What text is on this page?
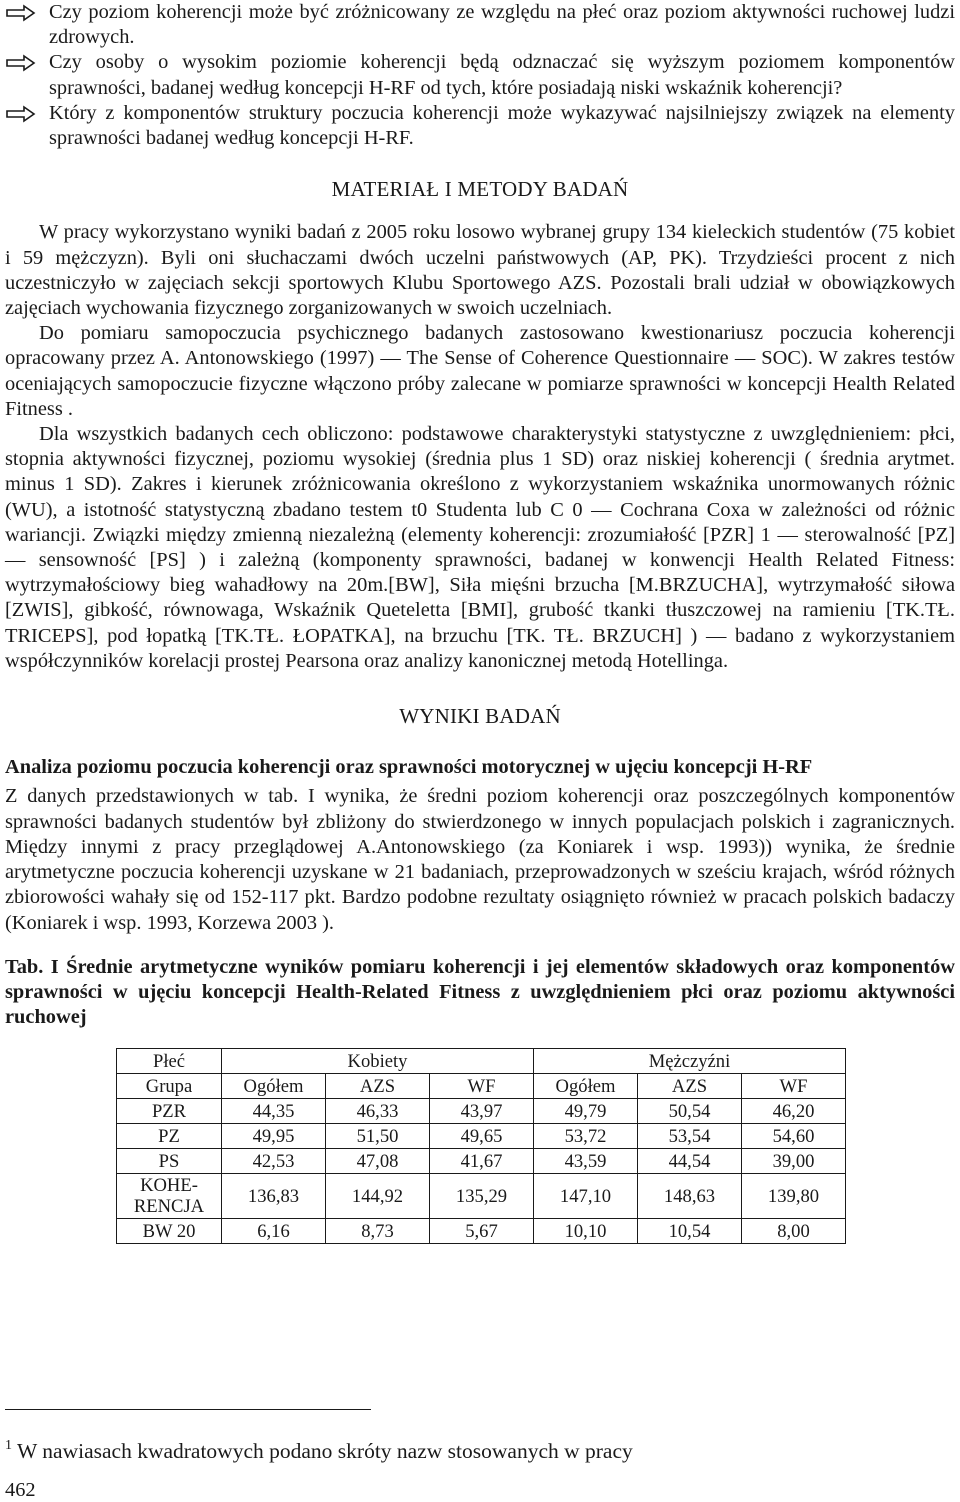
Czy poziom koherencji może być zróżnicowany ze względu na płeć oraz poziom aktywności ruchowej ludzi zdrowych.
Czy osoby o wysokim poziomie koherencji będą odznaczać się wyższym poziomem komponentów sprawności, badanej według koncepcji H-RF od tych, które posiadają niski wskaźnik koherencji?
Który z komponentów struktury poczucia koherencji może wykazywać najsilniejszy związek na elementy sprawności badanej według koncepcji H-RF.
MATERIAŁ I METODY BADAŃ

W pracy wykorzystano wyniki badań z 2005 roku losowo wybranej grupy 134 kieleckich studentów (75 kobiet i 59 mężczyzn). Byli oni słuchaczami dwóch uczelni państwowych (AP, PK). Trzydzieści procent z nich uczestniczyło w zajęciach sekcji sportowych Klubu Sportowego AZS. Pozostali brali udział w obowiązkowych zajęciach wychowania fizycznego zorganizowanych w swoich uczelniach.

Do pomiaru samopoczucia psychicznego badanych zastosowano kwestionariusz poczucia koherencji opracowany przez A. Antonowskiego (1997) — The Sense of Coherence Questionnaire — SOC). W zakres testów oceniających samopoczucie fizyczne włączono próby zalecane w pomiarze sprawności w koncepcji Health Related Fitness .

Dla wszystkich badanych cech obliczono: podstawowe charakterystyki statystyczne z uwzględnieniem: płci, stopnia aktywności fizycznej, poziomu wysokiej (średnia plus 1 SD) oraz niskiej koherencji ( średnia arytmet. minus 1 SD). Zakres i kierunek zróżnicowania określono z wykorzystaniem wskaźnika unormowanych różnic (WU), a istotność statystyczną zbadano testem t0 Studenta lub C 0 — Cochrana Coxa w zależności od różnic wariancji. Związki między zmienną niezależną (elementy koherencji: zrozumiałość [PZR] 1 — sterowalność [PZ] — sensowność [PS] ) i zależną (komponenty sprawności, badanej w konwencji Health Related Fitness: wytrzymałościowy bieg wahadłowy na 20m.[BW], Siła mięśni brzucha [M.BRZUCHA], wytrzymałość siłowa [ZWIS], gibkość, równowaga, Wskaźnik Queteletta [BMI], grubość tkanki tłuszczowej na ramieniu [TK.TŁ. TRICEPS], pod łopatką [TK.TŁ. ŁOPATKA], na brzuchu [TK. TŁ. BRZUCH] ) — badano z wykorzystaniem współczynników korelacji prostej Pearsona oraz analizy kanonicznej metodą Hotellinga.

WYNIKI BADAŃ
Analiza poziomu poczucia koherencji oraz sprawności motorycznej w ujęciu koncepcji H-RF

Z danych przedstawionych w tab. I wynika, że średni poziom koherencji oraz poszczególnych komponentów sprawności badanych studentów był zbliżony do stwierdzonego w innych populacjach polskich i zagranicznych. Między innymi z pracy przeglądowej A.Antonowskiego (za Koniarek i wsp. 1993)) wynika, że średnie arytmetyczne poczucia koherencji uzyskane w 21 badaniach, przeprowadzonych w sześciu krajach, wśród różnych zbiorowości wahały się od 152-117 pkt. Bardzo podobne rezultaty osiągnięto również w pracach polskich badaczy (Koniarek i wsp. 1993, Korzewa 2003 ).

Tab. I Średnie arytmetyczne wyników pomiaru koherencji i jej elementów składowych oraz komponentów sprawności w ujęciu koncepcji Health-Related Fitness z uwzględnieniem płci oraz poziomu aktywności ruchowej

Płeć	Kobiety			Mężczyźni		
Grupa	Ogółem	AZS	WF	Ogółem	AZS	WF
PZR	44,35	46,33	43,97	49,79	50,54	46,20
PZ	49,95	51,50	49,65	53,72	53,54	54,60
PS	42,53	47,08	41,67	43,59	44,54	39,00
KOHE-
RENCJA	136,83	144,92	135,29	147,10	148,63	139,80
BW 20	6,16	8,73	5,67	10,10	10,54	8,00
$^1$ W nawiasach kwadratowych podano skróty nazw stosowanych w pracy
462
